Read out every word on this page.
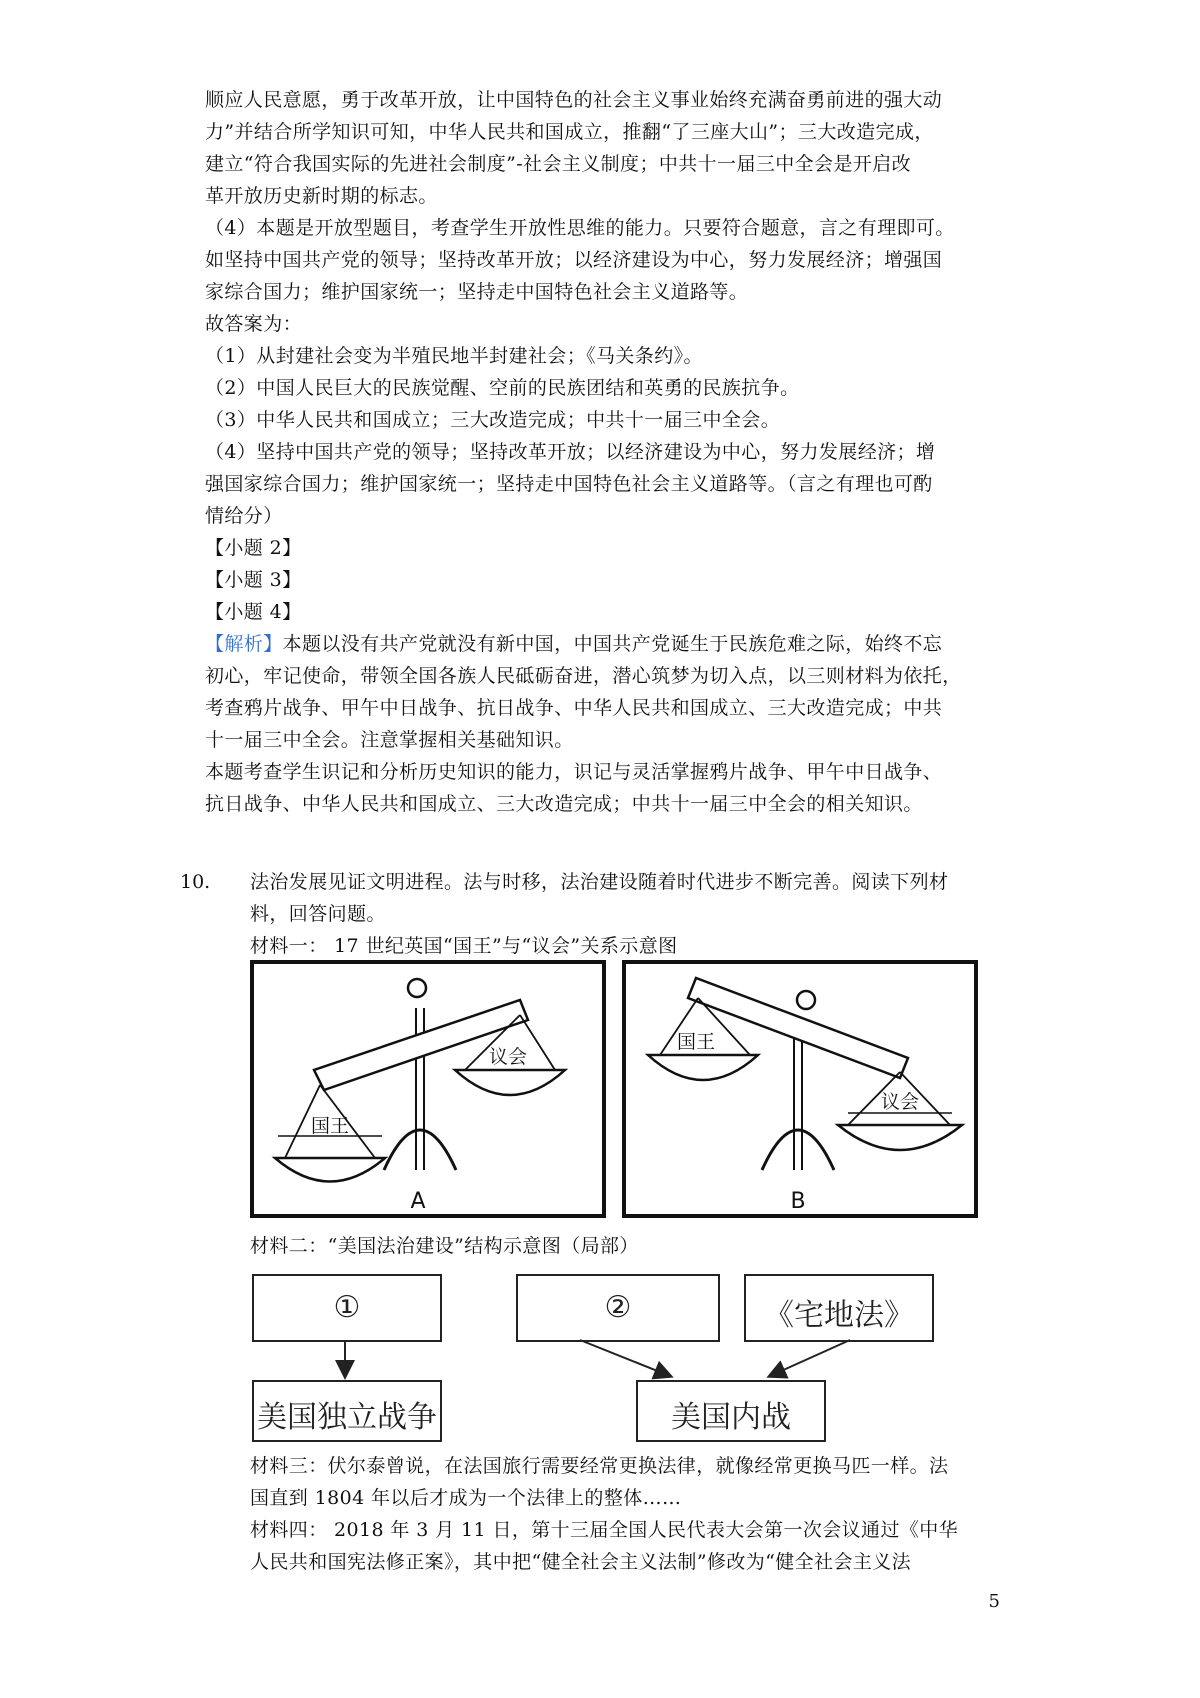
顺应人民意愿，勇于改革开放，让中国特色的社会主义事业始终充满奋勇前进的强大动
力”并结合所学知识可知，中华人民共和国成立，推翻“了三座大山”；三大改造完成，
建立“符合我国实际的先进社会制度”-社会主义制度；中共十一届三中全会是开启改
革开放历史新时期的标志。
（4）本题是开放型题目，考查学生开放性思维的能力。只要符合题意，言之有理即可。
如坚持中国共产党的领导；坚持改革开放；以经济建设为中心，努力发展经济；增强国
家综合国力；维护国家统一；坚持走中国特色社会主义道路等。
故答案为：
（1）从封建社会变为半殖民地半封建社会；《马关条约》。
（2）中国人民巨大的民族觉醒、空前的民族团结和英勇的民族抗争。
（3）中华人民共和国成立；三大改造完成；中共十一届三中全会。
（4）坚持中国共产党的领导；坚持改革开放；以经济建设为中心，努力发展经济；增
强国家综合国力；维护国家统一；坚持走中国特色社会主义道路等。（言之有理也可酌
情给分）
【小题 2】
【小题 3】
【小题 4】
【解析】本题以没有共产党就没有新中国，中国共产党诞生于民族危难之际，始终不忘
初心，牢记使命，带领全国各族人民砥砺奋进，潜心筑梦为切入点，以三则材料为依托，
考查鸦片战争、甲午中日战争、抗日战争、中华人民共和国成立、三大改造完成；中共
十一届三中全会。注意掌握相关基础知识。
本题考查学生识记和分析历史知识的能力，识记与灵活掌握鸦片战争、甲午中日战争、
抗日战争、中华人民共和国成立、三大改造完成；中共十一届三中全会的相关知识。
10. 法治发展见证文明进程。法与时移，法治建设随着时代进步不断完善。阅读下列材
料，回答问题。
材料一： 17 世纪英国“国王”与“议会”关系示意图
国王
议会
A
国王
议会
B
材料二：“美国法治建设”结构示意图（局部）
①	②	《宅地法》
美国独立战争	美国内战
材料三：伏尔泰曾说，在法国旅行需要经常更换法律，就像经常更换马匹一样。法
国直到 1804 年以后才成为一个法律上的整体……
材料四： 2018 年 3 月 11 日，第十三届全国人民代表大会第一次会议通过《中华
人民共和国宪法修正案》，其中把“健全社会主义法制”修改为“健全社会主义法
5
